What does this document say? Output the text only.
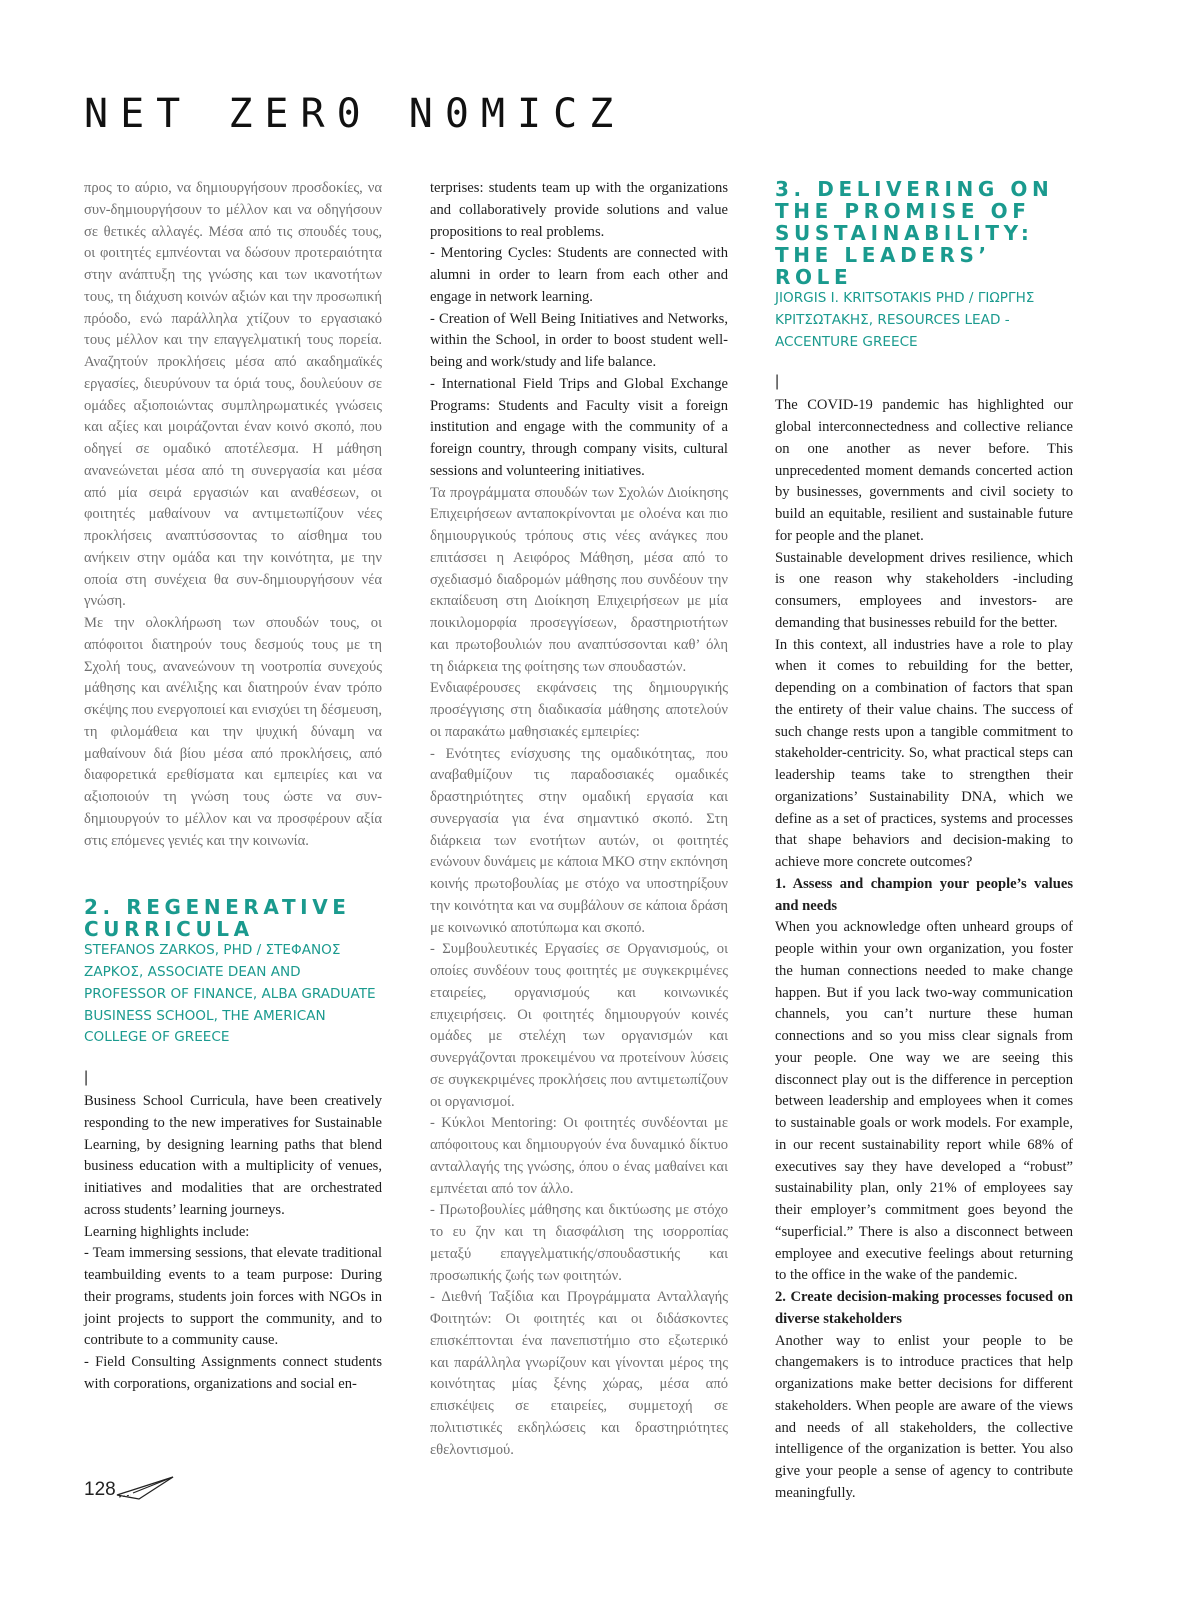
NET ZER0 N0MICZ

προς το αύριο, να δημιουργήσουν προσδοκίες, να συν-δημιουργήσουν το μέλλον και να οδηγήσουν σε θετικές αλλαγές. Μέσα από τις σπουδές τους, οι φοιτητές εμπνέονται να δώσουν προτεραιότητα στην ανάπτυξη της γνώσης και των ικανοτήτων τους, τη διάχυση κοινών αξιών και την προσωπική πρόοδο, ενώ παράλληλα χτίζουν το εργασιακό τους μέλλον και την επαγγελματική τους πορεία. Αναζητούν προκλήσεις μέσα από ακαδημαϊκές εργασίες, διευρύνουν τα όριά τους, δουλεύουν σε ομάδες αξιοποιώντας συμπληρωματικές γνώσεις και αξίες και μοιράζονται έναν κοινό σκοπό, που οδηγεί σε ομαδικό αποτέλεσμα. Η μάθηση ανανεώνεται μέσα από τη συνεργασία και μέσα από μία σειρά εργασιών και αναθέσεων, οι φοιτητές μαθαίνουν να αντιμετωπίζουν νέες προκλήσεις αναπτύσσοντας το αίσθημα του ανήκειν στην ομάδα και την κοινότητα, με την οποία στη συνέχεια θα συν-δημιουργήσουν νέα γνώση.

Με την ολοκλήρωση των σπουδών τους, οι απόφοιτοι διατηρούν τους δεσμούς τους με τη Σχολή τους, ανανεώνουν τη νοοτροπία συνεχούς μάθησης και ανέλιξης και διατηρούν έναν τρόπο σκέψης που ενεργοποιεί και ενισχύει τη δέσμευση, τη φιλομάθεια και την ψυχική δύναμη να μαθαίνουν διά βίου μέσα από προκλήσεις, από διαφορετικά ερεθίσματα και εμπειρίες και να αξιοποιούν τη γνώση τους ώστε να συν-δημιουργούν το μέλλον και να προσφέρουν αξία στις επόμενες γενιές και την κοινωνία.

2. REGENERATIVE CURRICULA

STEFANOS ZARKOS, PHD / ΣΤΕΦΑΝΟΣ ΖΑΡΚΟΣ, ASSOCIATE DEAN AND PROFESSOR OF FINANCE, ALBA GRADUATE BUSINESS SCHOOL, THE AMERICAN COLLEGE OF GREECE

|

Business School Curricula, have been creatively responding to the new imperatives for Sustainable Learning, by designing learning paths that blend business education with a multiplicity of venues, initiatives and modalities that are orchestrated across students’ learning journeys.

Learning highlights include:

- Team immersing sessions, that elevate traditional teambuilding events to a team purpose: During their programs, students join forces with NGOs in joint projects to support the community, and to contribute to a community cause.

- Field Consulting Assignments connect students with corporations, organizations and social en-

terprises: students team up with the organizations and collaboratively provide solutions and value propositions to real problems.

- Mentoring Cycles: Students are connected with alumni in order to learn from each other and engage in network learning.

- Creation of Well Being Initiatives and Networks, within the School, in order to boost student well-being and work/study and life balance.

- International Field Trips and Global Exchange Programs: Students and Faculty visit a foreign institution and engage with the community of a foreign country, through company visits, cultural sessions and volunteering initiatives.

Τα προγράμματα σπουδών των Σχολών Διοίκησης Επιχειρήσεων ανταποκρίνονται με ολοένα και πιο δημιουργικούς τρόπους στις νέες ανάγκες που επιτάσσει η Αειφόρος Μάθηση, μέσα από το σχεδιασμό διαδρομών μάθησης που συνδέουν την εκπαίδευση στη Διοίκηση Επιχειρήσεων με μία ποικιλομορφία προσεγγίσεων, δραστηριοτήτων και πρωτοβουλιών που αναπτύσσονται καθ’ όλη τη διάρκεια της φοίτησης των σπουδαστών.

Ενδιαφέρουσες εκφάνσεις της δημιουργικής προσέγγισης στη διαδικασία μάθησης αποτελούν οι παρακάτω μαθησιακές εμπειρίες:

- Ενότητες ενίσχυσης της ομαδικότητας, που αναβαθμίζουν τις παραδοσιακές ομαδικές δραστηριότητες στην ομαδική εργασία και συνεργασία για ένα σημαντικό σκοπό. Στη διάρκεια των ενοτήτων αυτών, οι φοιτητές ενώνουν δυνάμεις με κάποια ΜΚΟ στην εκπόνηση κοινής πρωτοβουλίας με στόχο να υποστηρίξουν την κοινότητα και να συμβάλουν σε κάποια δράση με κοινωνικό αποτύπωμα και σκοπό.

- Συμβουλευτικές Εργασίες σε Οργανισμούς, οι οποίες συνδέουν τους φοιτητές με συγκεκριμένες εταιρείες, οργανισμούς και κοινωνικές επιχειρήσεις. Οι φοιτητές δημιουργούν κοινές ομάδες με στελέχη των οργανισμών και συνεργάζονται προκειμένου να προτείνουν λύσεις σε συγκεκριμένες προκλήσεις που αντιμετωπίζουν οι οργανισμοί.

- Κύκλοι Mentoring: Οι φοιτητές συνδέονται με απόφοιτους και δημιουργούν ένα δυναμικό δίκτυο ανταλλαγής της γνώσης, όπου ο ένας μαθαίνει και εμπνέεται από τον άλλο.

- Πρωτοβουλίες μάθησης και δικτύωσης με στόχο το ευ ζην και τη διασφάλιση της ισορροπίας μεταξύ επαγγελματικής/σπουδαστικής και προσωπικής ζωής των φοιτητών.

- Διεθνή Ταξίδια και Προγράμματα Ανταλλαγής Φοιτητών: Οι φοιτητές και οι διδάσκοντες επισκέπτονται ένα πανεπιστήμιο στο εξωτερικό και παράλληλα γνωρίζουν και γίνονται μέρος της κοινότητας μίας ξένης χώρας, μέσα από επισκέψεις σε εταιρείες, συμμετοχή σε πολιτιστικές εκδηλώσεις και δραστηριότητες εθελοντισμού.

3. DELIVERING ON THE PROMISE OF SUSTAINABILITY: THE LEADERS’ ROLE

JIORGIS I. KRITSOTAKIS PHD / ΓΙΩΡΓΗΣ ΚΡΙΤΣΩΤΑΚΗΣ, RESOURCES LEAD - ACCENTURE GREECE

|

The COVID-19 pandemic has highlighted our global interconnectedness and collective reliance on one another as never before. This unprecedented moment demands concerted action by businesses, governments and civil society to build an equitable, resilient and sustainable future for people and the planet.

Sustainable development drives resilience, which is one reason why stakeholders -including consumers, employees and investors- are demanding that businesses rebuild for the better.

In this context, all industries have a role to play when it comes to rebuilding for the better, depending on a combination of factors that span the entirety of their value chains. The success of such change rests upon a tangible commitment to stakeholder-centricity. So, what practical steps can leadership teams take to strengthen their organizations’ Sustainability DNA, which we define as a set of practices, systems and processes that shape behaviors and decision-making to achieve more concrete outcomes?

1. Assess and champion your people’s values and needs

When you acknowledge often unheard groups of people within your own organization, you foster the human connections needed to make change happen. But if you lack two-way communication channels, you can’t nurture these human connections and so you miss clear signals from your people. One way we are seeing this disconnect play out is the difference in perception between leadership and employees when it comes to sustainable goals or work models. For example, in our recent sustainability report while 68% of executives say they have developed a “robust” sustainability plan, only 21% of employees say their employer’s commitment goes beyond the “superficial.” There is also a disconnect between employee and executive feelings about returning to the office in the wake of the pandemic.

2. Create decision-making processes focused on diverse stakeholders

Another way to enlist your people to be changemakers is to introduce practices that help organizations make better decisions for different stakeholders. When people are aware of the views and needs of all stakeholders, the collective intelligence of the organization is better. You also give your people a sense of agency to contribute meaningfully.

128
